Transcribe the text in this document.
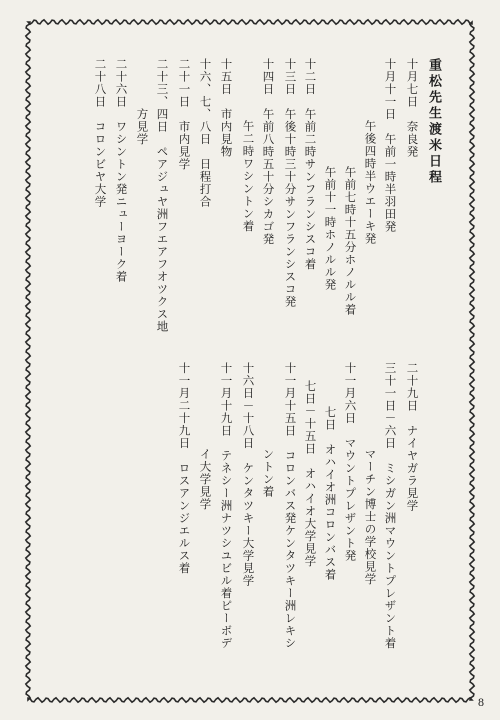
重松先生渡米日程
十月七日　奈良発
十月十一日　午前一時半羽田発
午後四時半ウエーキ発
午前七時十五分ホノルル着
午前十一時ホノルル発
十二日　午前二時サンフランシスコ着
十三日　午後十時三十分サンフランシスコ発
十四日　午前八時五十分シカゴ発
午二時ワシントン着
十五日　市内見物
十六、七、八日　日程打合
二十一日　市内見学
二十三、四日　ペアジュヤ洲フエアフオツクス地
方見学
二十六日　ワシントン発ニューヨーク着
二十八日　コロンビヤ大学
二十九日　ナイヤガラ見学
三十一日－六日　ミシガン洲マウントプレザント着
マーチン博士の学校見学
十一月六日　マウントプレザント発
七日　オハイオ洲コロンバス着
七日－十五日　オハイオ大学見学
十一月十五日　コロンバス発ケンタツキー洲レキシ
ントン着
十六日－十八日　ケンタツキー大学見学
十一月十九日　テネシー洲ナツシユビル着ピーボデ
イ大学見学
十一月二十九日　ロスアンジエルス着
8
